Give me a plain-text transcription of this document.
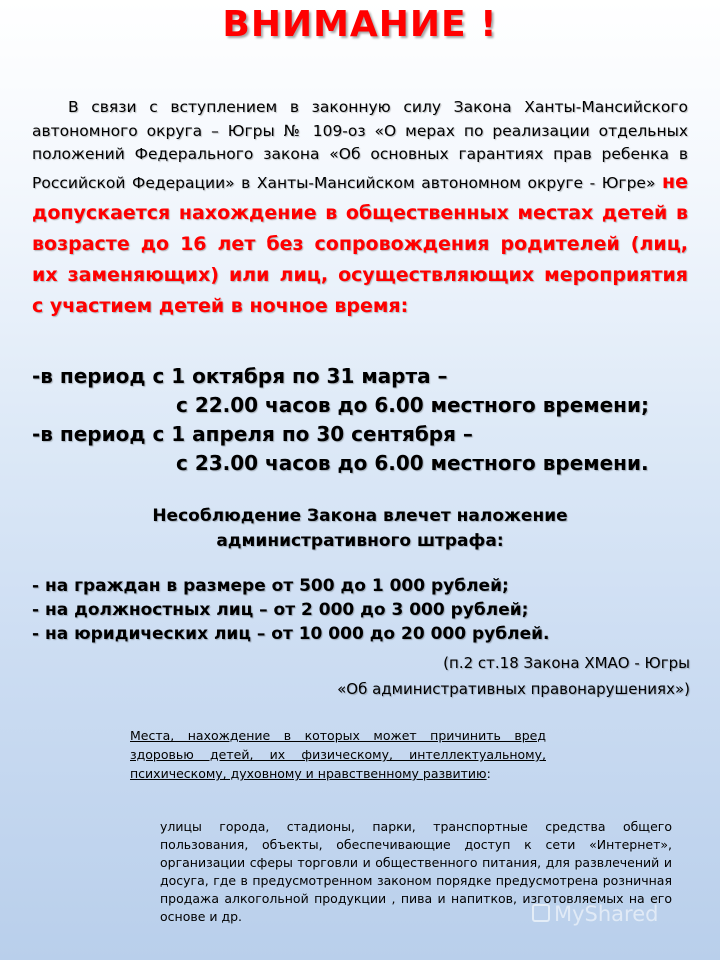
ВНИМАНИЕ !
В связи с вступлением в законную силу Закона Ханты-Мансийского автономного округа – Югры № 109-оз «О мерах по реализации отдельных положений Федерального закона «Об основных гарантиях прав ребенка в Российской Федерации» в Ханты-Мансийском автономном округе - Югре» не допускается нахождение в общественных местах детей в возрасте до 16 лет без сопровождения родителей (лиц, их заменяющих) или лиц, осуществляющих мероприятия с участием детей в ночное время:
-в период с 1 октября по 31 марта –
с 22.00 часов до 6.00 местного времени;
-в период с 1 апреля по 30 сентября –
с 23.00 часов до 6.00 местного времени.
Несоблюдение Закона влечет наложение
административного штрафа:
- на граждан в размере от 500 до 1 000 рублей;
- на должностных лиц – от 2 000 до 3 000 рублей;
- на юридических лиц – от 10 000 до 20 000 рублей.
(п.2 ст.18 Закона ХМАО - Югры
«Об административных правонарушениях»)
Места, нахождение в которых может причинить вред здоровью детей, их физическому, интеллектуальному, психическому, духовному и нравственному развитию:
улицы города, стадионы, парки, транспортные средства общего пользования, объекты, обеспечивающие доступ к сети «Интернет», организации сферы торговли и общественного питания, для развлечений и досуга, где в предусмотренном законом порядке предусмотрена розничная продажа алкогольной продукции , пива и напитков, изготовляемых на его основе и др.	MyShared
